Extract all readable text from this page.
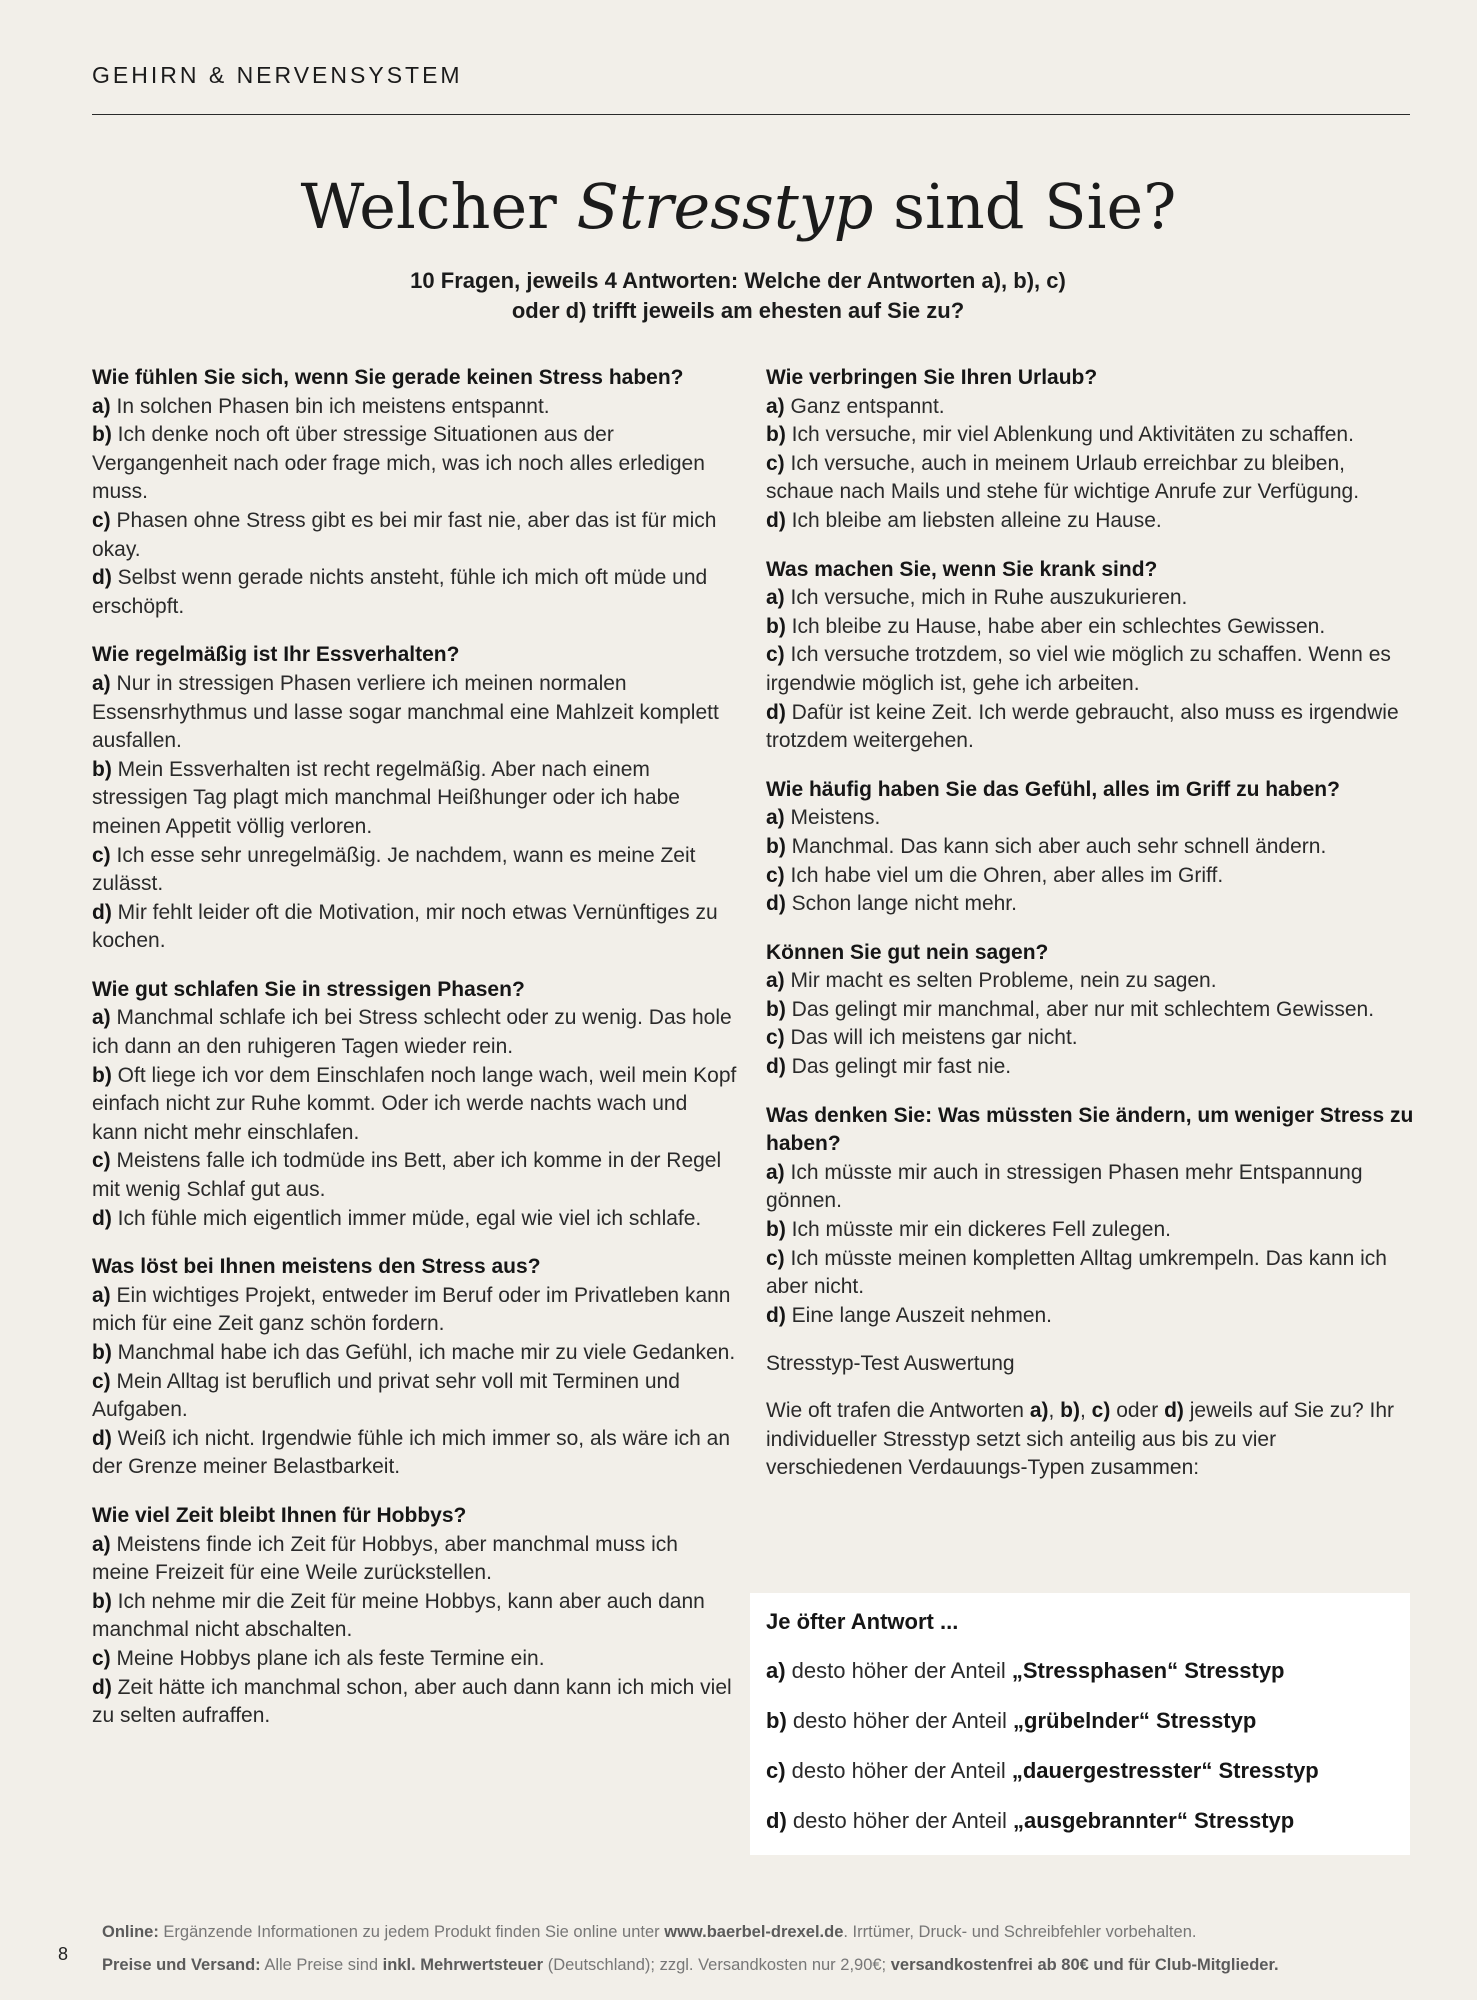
GEHIRN & NERVENSYSTEM
Welcher Stresstyp sind Sie?
10 Fragen, jeweils 4 Antworten: Welche der Antworten a), b), c)
oder d) trifft jeweils am ehesten auf Sie zu?
Wie fühlen Sie sich, wenn Sie gerade keinen Stress haben?
a) In solchen Phasen bin ich meistens entspannt.
b) Ich denke noch oft über stressige Situationen aus der Vergangenheit nach oder frage mich, was ich noch alles erledigen muss.
c) Phasen ohne Stress gibt es bei mir fast nie, aber das ist für mich okay.
d) Selbst wenn gerade nichts ansteht, fühle ich mich oft müde und erschöpft.
Wie regelmäßig ist Ihr Essverhalten?
a) Nur in stressigen Phasen verliere ich meinen normalen Essensrhythmus und lasse sogar manchmal eine Mahlzeit komplett ausfallen.
b) Mein Essverhalten ist recht regelmäßig. Aber nach einem stressigen Tag plagt mich manchmal Heißhunger oder ich habe meinen Appetit völlig verloren.
c) Ich esse sehr unregelmäßig. Je nachdem, wann es meine Zeit zulässt.
d) Mir fehlt leider oft die Motivation, mir noch etwas Vernünftiges zu kochen.
Wie gut schlafen Sie in stressigen Phasen?
a) Manchmal schlafe ich bei Stress schlecht oder zu wenig. Das hole ich dann an den ruhigeren Tagen wieder rein.
b) Oft liege ich vor dem Einschlafen noch lange wach, weil mein Kopf einfach nicht zur Ruhe kommt. Oder ich werde nachts wach und kann nicht mehr einschlafen.
c) Meistens falle ich todmüde ins Bett, aber ich komme in der Regel mit wenig Schlaf gut aus.
d) Ich fühle mich eigentlich immer müde, egal wie viel ich schlafe.
Was löst bei Ihnen meistens den Stress aus?
a) Ein wichtiges Projekt, entweder im Beruf oder im Privatleben kann mich für eine Zeit ganz schön fordern.
b) Manchmal habe ich das Gefühl, ich mache mir zu viele Gedanken.
c) Mein Alltag ist beruflich und privat sehr voll mit Terminen und Aufgaben.
d) Weiß ich nicht. Irgendwie fühle ich mich immer so, als wäre ich an der Grenze meiner Belastbarkeit.
Wie viel Zeit bleibt Ihnen für Hobbys?
a) Meistens finde ich Zeit für Hobbys, aber manchmal muss ich meine Freizeit für eine Weile zurückstellen.
b) Ich nehme mir die Zeit für meine Hobbys, kann aber auch dann manchmal nicht abschalten.
c) Meine Hobbys plane ich als feste Termine ein.
d) Zeit hätte ich manchmal schon, aber auch dann kann ich mich viel zu selten aufraffen.
Wie verbringen Sie Ihren Urlaub?
a) Ganz entspannt.
b) Ich versuche, mir viel Ablenkung und Aktivitäten zu schaffen.
c) Ich versuche, auch in meinem Urlaub erreichbar zu bleiben, schaue nach Mails und stehe für wichtige Anrufe zur Verfügung.
d) Ich bleibe am liebsten alleine zu Hause.
Was machen Sie, wenn Sie krank sind?
a) Ich versuche, mich in Ruhe auszukurieren.
b) Ich bleibe zu Hause, habe aber ein schlechtes Gewissen.
c) Ich versuche trotzdem, so viel wie möglich zu schaffen. Wenn es irgendwie möglich ist, gehe ich arbeiten.
d) Dafür ist keine Zeit. Ich werde gebraucht, also muss es irgendwie trotzdem weitergehen.
Wie häufig haben Sie das Gefühl, alles im Griff zu haben?
a) Meistens.
b) Manchmal. Das kann sich aber auch sehr schnell ändern.
c) Ich habe viel um die Ohren, aber alles im Griff.
d) Schon lange nicht mehr.
Können Sie gut nein sagen?
a) Mir macht es selten Probleme, nein zu sagen.
b) Das gelingt mir manchmal, aber nur mit schlechtem Gewissen.
c) Das will ich meistens gar nicht.
d) Das gelingt mir fast nie.
Was denken Sie: Was müssten Sie ändern, um weniger Stress zu haben?
a) Ich müsste mir auch in stressigen Phasen mehr Entspannung gönnen.
b) Ich müsste mir ein dickeres Fell zulegen.
c) Ich müsste meinen kompletten Alltag umkrempeln. Das kann ich aber nicht.
d) Eine lange Auszeit nehmen.
Stresstyp-Test Auswertung
Wie oft trafen die Antworten a), b), c) oder d) jeweils auf Sie zu? Ihr individueller Stresstyp setzt sich anteilig aus bis zu vier verschiedenen Verdauungs-Typen zusammen:
Je öfter Antwort ...
a) desto höher der Anteil „Stressphasen“ Stresstyp
b) desto höher der Anteil „grübelnder“ Stresstyp
c) desto höher der Anteil „dauergestresster“ Stresstyp
d) desto höher der Anteil „ausgebrannter“ Stresstyp
Online: Ergänzende Informationen zu jedem Produkt finden Sie online unter www.baerbel-drexel.de. Irrtümer, Druck- und Schreibfehler vorbehalten.
Preise und Versand: Alle Preise sind inkl. Mehrwertsteuer (Deutschland); zzgl. Versandkosten nur 2,90€; versandkostenfrei ab 80€ und für Club-Mitglieder.
8
